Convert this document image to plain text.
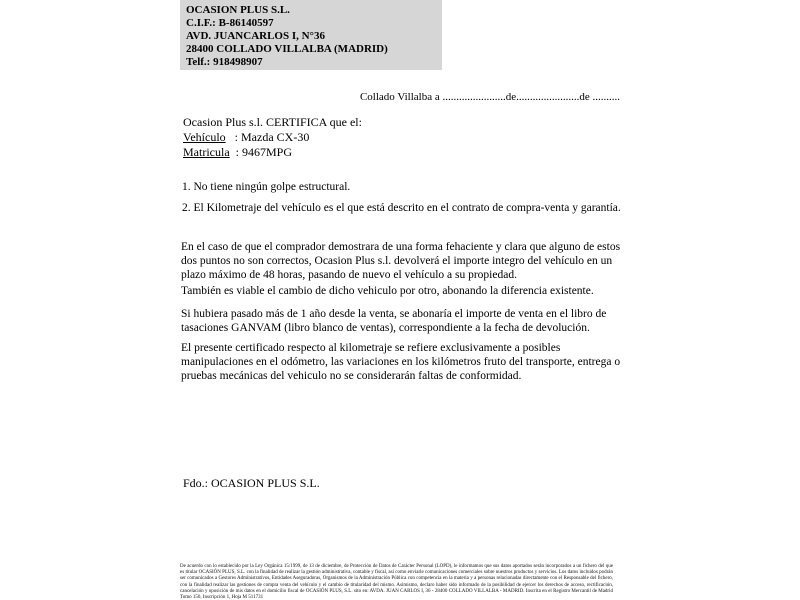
OCASION PLUS S.L.
C.I.F.: B-86140597
AVD. JUANCARLOS I, N°36
28400 COLLADO VILLALBA (MADRID)
Telf.: 918498907
Collado Villalba a .......................de.......................de ..........
Ocasion Plus s.l. CERTIFICA que el:
Vehículo   : Mazda CX-30
Matricula  : 9467MPG
1. No tiene ningún golpe estructural.
2. El Kilometraje del vehículo es el que está descrito en el contrato de compra-venta y garantía.

En el caso de que el comprador demostrara de una forma fehaciente y clara que alguno de estos dos puntos no son correctos, Ocasion Plus s.l. devolverá el importe integro del vehículo en un plazo máximo de 48 horas, pasando de nuevo el vehículo a su propiedad.

También es viable el cambio de dicho vehiculo por otro, abonando la diferencia existente.

Si hubiera pasado más de 1 año desde la venta, se abonaría el importe de venta en el libro de tasaciones GANVAM (libro blanco de ventas), correspondiente a la fecha de devolución.

El presente certificado respecto al kilometraje se refiere exclusivamente a posibles manipulaciones en el odómetro, las variaciones en los kilómetros fruto del transporte, entrega o pruebas mecánicas del vehiculo no se considerarán faltas de conformidad.

Fdo.: OCASION PLUS S.L.
De acuerdo con lo establecido por la Ley Orgánica 15/1999, de 13 de diciembre, de Protección de Datos de Carácter Personal (LOPD), le informamos que sus datos aportados serán incorporados a un fichero del que es titular OCASIÓN PLUS, S.L. con la finalidad de realizar la gestión administrativa, contable y fiscal, así como enviarle comunicaciones comerciales sobre nuestros productos y servicios. Los datos incluidos podrán ser comunicados a Gestores Administrativos, Entidades Aseguradoras, Organismos de la Administración Pública con competencia en la materia y a personas relacionadas directamente con el Responsable del fichero, con la finalidad realizar las gestiones de compra venta del vehículo y el cambio de titularidad del mismo. Asimismo, declaro haber sido informado de la posibilidad de ejercer los derechos de acceso, rectificación, cancelación y oposición de mis datos en el domicilio fiscal de OCASIÓN PLUS, S.L. sito en: AVDA. JUAN CARLOS I, 36 - 28400 COLLADO VILLALBA - MADRID. Inscrita en el Registro Mercantil de Madrid Tomo 150, Inscripción 1, Hoja M 511731
